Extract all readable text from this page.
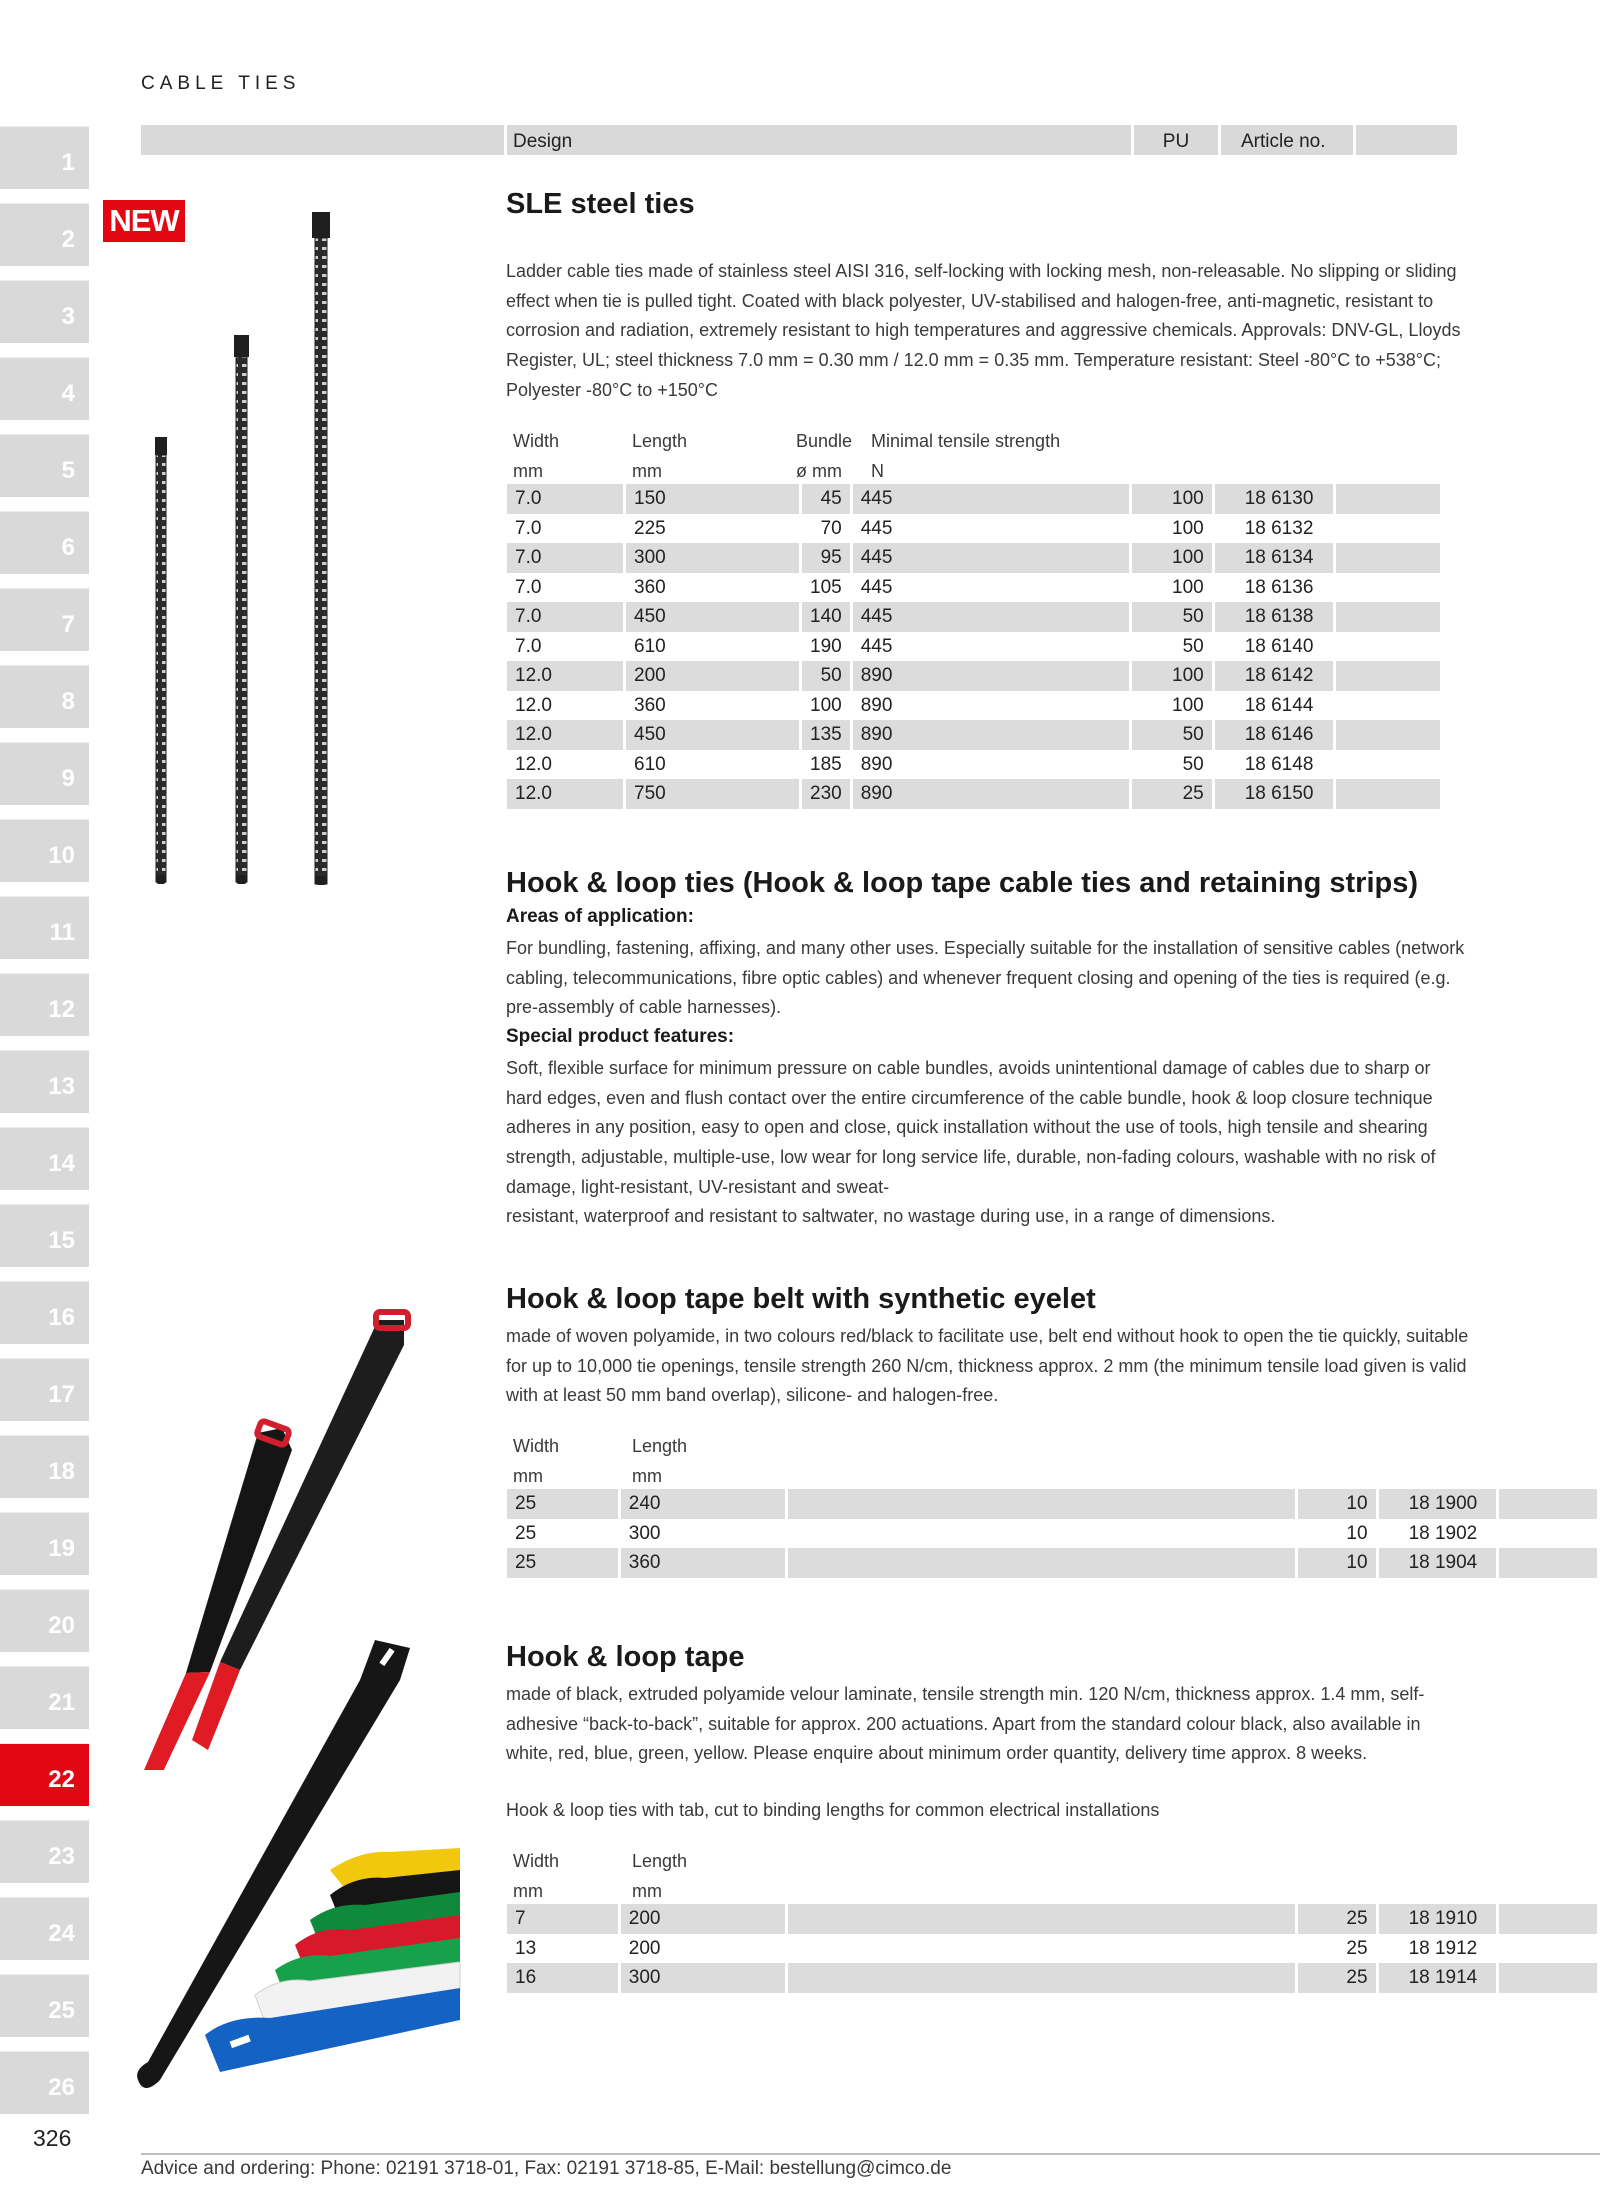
CABLE TIES
1
2
3
4
5
6
7
8
9
10
11
12
13
14
15
16
17
18
19
20
21
22
23
24
25
26
326
NEW
Design	PU	Article no.
SLE steel ties
Ladder cable ties made of stainless steel AISI 316, self-locking with locking mesh, non-releasable. No slipping or sliding effect when tie is pulled tight. Coated with black polyester, UV-stabilised and halogen-free, anti-magnetic, resistant to corrosion and radiation, extremely resistant to high temperatures and aggressive chemicals. Approvals: DNV-GL, Lloyds Register, UL; steel thickness 7.0 mm = 0.30 mm / 12.0 mm = 0.35 mm. Temperature resistant: Steel -80°C to +538°C; Polyester -80°C to +150°C
Width	Length	Bundle Minimal tensile strength
mm	mm	ø mm N
7.0	150	45	445	100	18 6130	
7.0	225	70	445	100	18 6132	
7.0	300	95	445	100	18 6134	
7.0	360	105	445	100	18 6136	
7.0	450	140	445	50	18 6138	
7.0	610	190	445	50	18 6140	
12.0	200	50	890	100	18 6142	
12.0	360	100	890	100	18 6144	
12.0	450	135	890	50	18 6146	
12.0	610	185	890	50	18 6148	
12.0	750	230	890	25	18 6150	
Hook & loop ties (Hook & loop tape cable ties and retaining strips)
Areas of application:
For bundling, fastening, affixing, and many other uses. Especially suitable for the installation of sensitive cables (network cabling, telecommunications, fibre optic cables) and whenever frequent closing and opening of the ties is required (e.g. pre-assembly of cable harnesses).
Special product features:
Soft, flexible surface for minimum pressure on cable bundles, avoids unintentional damage of cables due to sharp or hard edges, even and flush contact over the entire circumference of the cable bundle, hook & loop closure technique adheres in any position, easy to open and close, quick installation without the use of tools, high tensile and shearing strength, adjustable, multiple-use, low wear for long service life, durable, non-fading colours, washable with no risk of damage, light-resistant, UV-resistant and sweat-
resistant, waterproof and resistant to saltwater, no wastage during use, in a range of dimensions.
Hook & loop tape belt with synthetic eyelet
made of woven polyamide, in two colours red/black to facilitate use, belt end without hook to open the tie quickly, suitable for up to 10,000 tie openings, tensile strength 260 N/cm, thickness approx. 2 mm (the minimum tensile load given is valid with at least 50 mm band overlap), silicone- and halogen-free.
Width	Length
mm	mm
25	240		10	18 1900	
25	300		10	18 1902	
25	360		10	18 1904	
Hook & loop tape
made of black, extruded polyamide velour laminate, tensile strength min. 120 N/cm, thickness approx. 1.4 mm, self-adhesive “back-to-back”, suitable for approx. 200 actuations. Apart from the standard colour black, also available in white, red, blue, green, yellow. Please enquire about minimum order quantity, delivery time approx. 8 weeks.
Hook & loop ties with tab, cut to binding lengths for common electrical installations
Width	Length
mm	mm
7	200		25	18 1910	
13	200		25	18 1912	
16	300		25	18 1914	
Advice and ordering: Phone: 02191 3718-01, Fax: 02191 3718-85, E-Mail: bestellung@cimco.de
